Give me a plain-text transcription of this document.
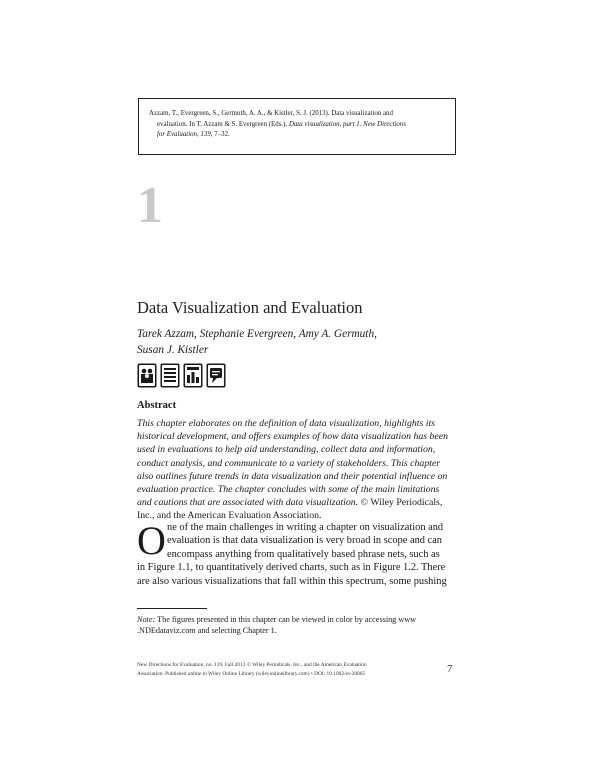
Azzam, T., Evergreen, S., Germuth, A. A., & Kistler, S. J. (2013). Data visualization and
evaluation. In T. Azzam & S. Evergreen (Eds.), Data visualization, part 1. New Directions
for Evaluation, 139, 7–32.
1
Data Visualization and Evaluation
Tarek Azzam, Stephanie Evergreen, Amy A. Germuth,
Susan J. Kistler
Abstract
This chapter elaborates on the definition of data visualization, highlights its
historical development, and offers examples of how data visualization has been
used in evaluations to help aid understanding, collect data and information,
conduct analysis, and communicate to a variety of stakeholders. This chapter
also outlines future trends in data visualization and their potential influence on
evaluation practice. The chapter concludes with some of the main limitations
and cautions that are associated with data visualization. © Wiley Periodicals,
Inc., and the American Evaluation Association.
O ne of the main challenges in writing a chapter on visualization and
evaluation is that data visualization is very broad in scope and can
encompass anything from qualitatively based phrase nets, such as
in Figure 1.1, to quantitatively derived charts, such as in Figure 1.2. There
are also various visualizations that fall within this spectrum, some pushing
Note: The figures presented in this chapter can be viewed in color by accessing www
.NDEdataviz.com and selecting Chapter 1.
New Directions for Evaluation, no. 139, Fall 2013 © Wiley Periodicals, Inc., and the American Evaluation
Association. Published online in Wiley Online Library (wileyonlinelibrary.com) • DOI: 10.1002/ev.20065	7
